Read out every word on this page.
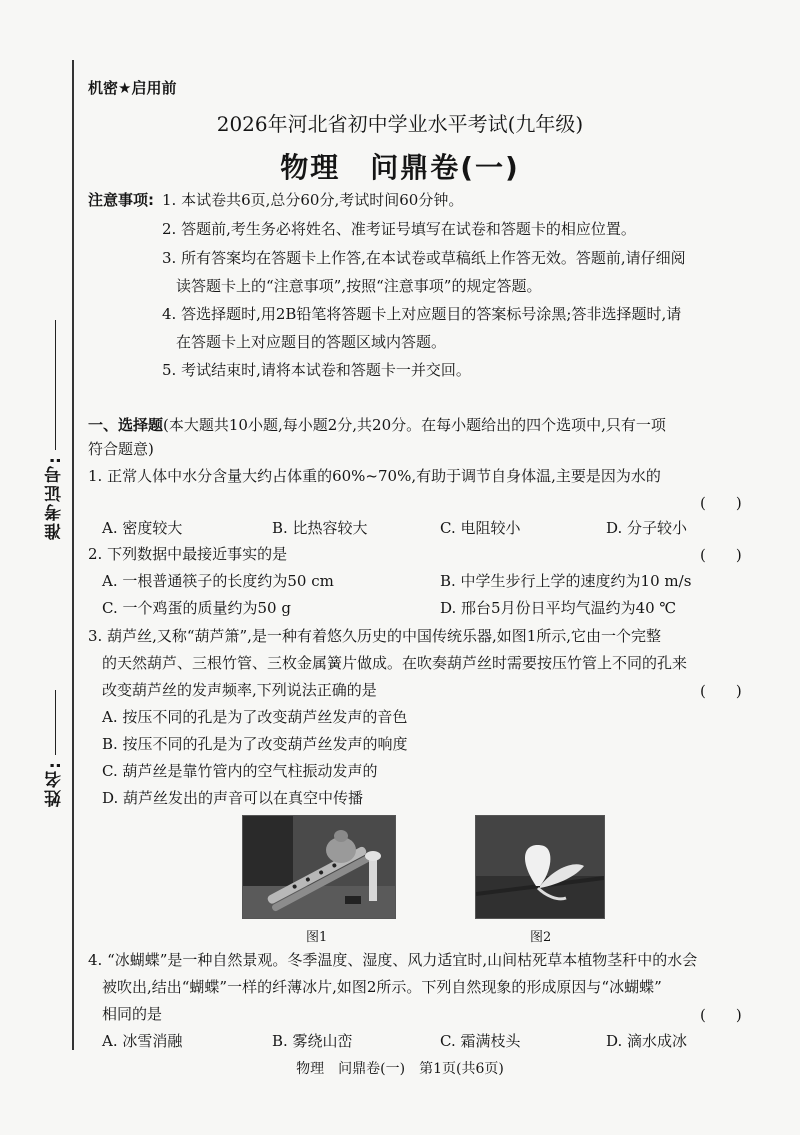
准考证号:
姓名:
机密★启用前
2026年河北省初中学业水平考试(九年级)
物理　问鼎卷(一)
注意事项: 1. 本试卷共6页,总分60分,考试时间60分钟。
2. 答题前,考生务必将姓名、准考证号填写在试卷和答题卡的相应位置。
3. 所有答案均在答题卡上作答,在本试卷或草稿纸上作答无效。答题前,请仔细阅
读答题卡上的“注意事项”,按照“注意事项”的规定答题。
4. 答选择题时,用2B铅笔将答题卡上对应题目的答案标号涂黑;答非选择题时,请
在答题卡上对应题目的答题区域内答题。
5. 考试结束时,请将本试卷和答题卡一并交回。
一、选择题(本大题共10小题,每小题2分,共20分。在每小题给出的四个选项中,只有一项
符合题意)
1. 正常人体中水分含量大约占体重的60%~70%,有助于调节自身体温,主要是因为水的
(　　)
A. 密度较大	B. 比热容较大	C. 电阻较小	D. 分子较小
2. 下列数据中最接近事实的是	(　　)
A. 一根普通筷子的长度约为50 cm	B. 中学生步行上学的速度约为10 m/s
C. 一个鸡蛋的质量约为50 g	D. 邢台5月份日平均气温约为40 ℃
3. 葫芦丝,又称“葫芦箫”,是一种有着悠久历史的中国传统乐器,如图1所示,它由一个完整
的天然葫芦、三根竹管、三枚金属簧片做成。在吹奏葫芦丝时需要按压竹管上不同的孔来
改变葫芦丝的发声频率,下列说法正确的是	(　　)
A. 按压不同的孔是为了改变葫芦丝发声的音色
B. 按压不同的孔是为了改变葫芦丝发声的响度
C. 葫芦丝是靠竹管内的空气柱振动发声的
D. 葫芦丝发出的声音可以在真空中传播
图1	图2
4. “冰蝴蝶”是一种自然景观。冬季温度、湿度、风力适宜时,山间枯死草本植物茎秆中的水会
被吹出,结出“蝴蝶”一样的纤薄冰片,如图2所示。下列自然现象的形成原因与“冰蝴蝶”
相同的是	(　　)
A. 冰雪消融	B. 雾绕山峦	C. 霜满枝头	D. 滴水成冰
物理　问鼎卷(一)　第1页(共6页)
